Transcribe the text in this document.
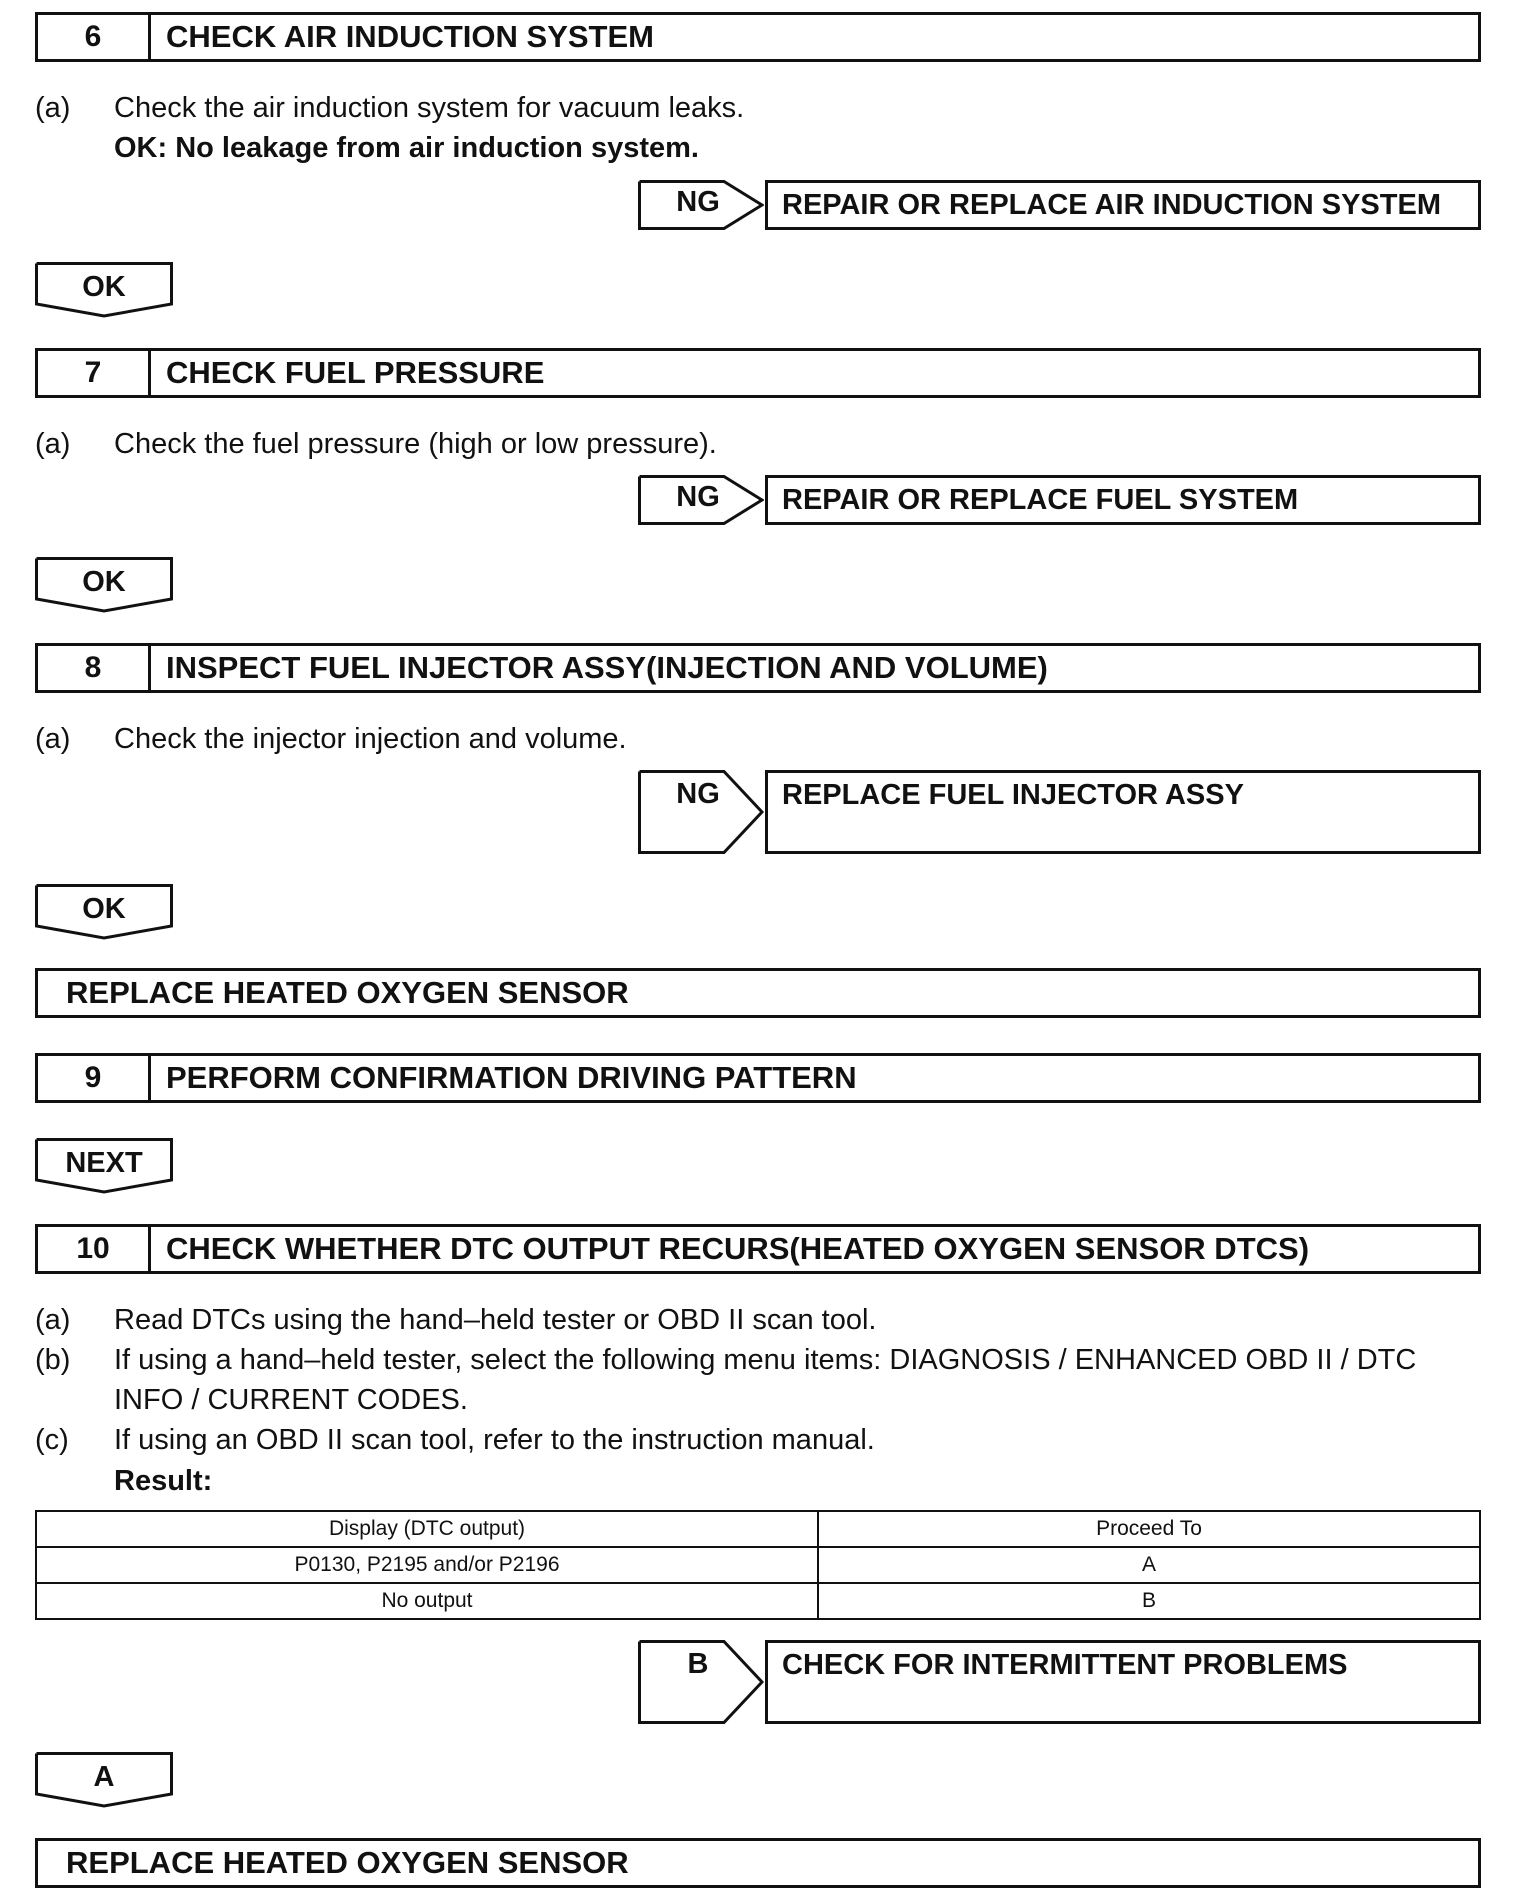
6	CHECK AIR INDUCTION SYSTEM
(a) Check the air induction system for vacuum leaks.
OK: No leakage from air induction system.
NG	REPAIR OR REPLACE AIR INDUCTION SYSTEM
OK
7	CHECK FUEL PRESSURE
(a) Check the fuel pressure (high or low pressure).
NG	REPAIR OR REPLACE FUEL SYSTEM
OK
8	INSPECT FUEL INJECTOR ASSY(INJECTION AND VOLUME)
(a) Check the injector injection and volume.
NG	REPLACE FUEL INJECTOR ASSY
OK
REPLACE HEATED OXYGEN SENSOR
9	PERFORM CONFIRMATION DRIVING PATTERN
NEXT
10	CHECK WHETHER DTC OUTPUT RECURS(HEATED OXYGEN SENSOR DTCS)
(a) Read DTCs using the hand–held tester or OBD II scan tool.
(b) If using a hand–held tester, select the following menu items: DIAGNOSIS / ENHANCED OBD II / DTC
INFO / CURRENT CODES.
(c) If using an OBD II scan tool, refer to the instruction manual.
Result:
Display (DTC output)	Proceed To
P0130, P2195 and/or P2196	A
No output	B
B	CHECK FOR INTERMITTENT PROBLEMS
A
REPLACE HEATED OXYGEN SENSOR
